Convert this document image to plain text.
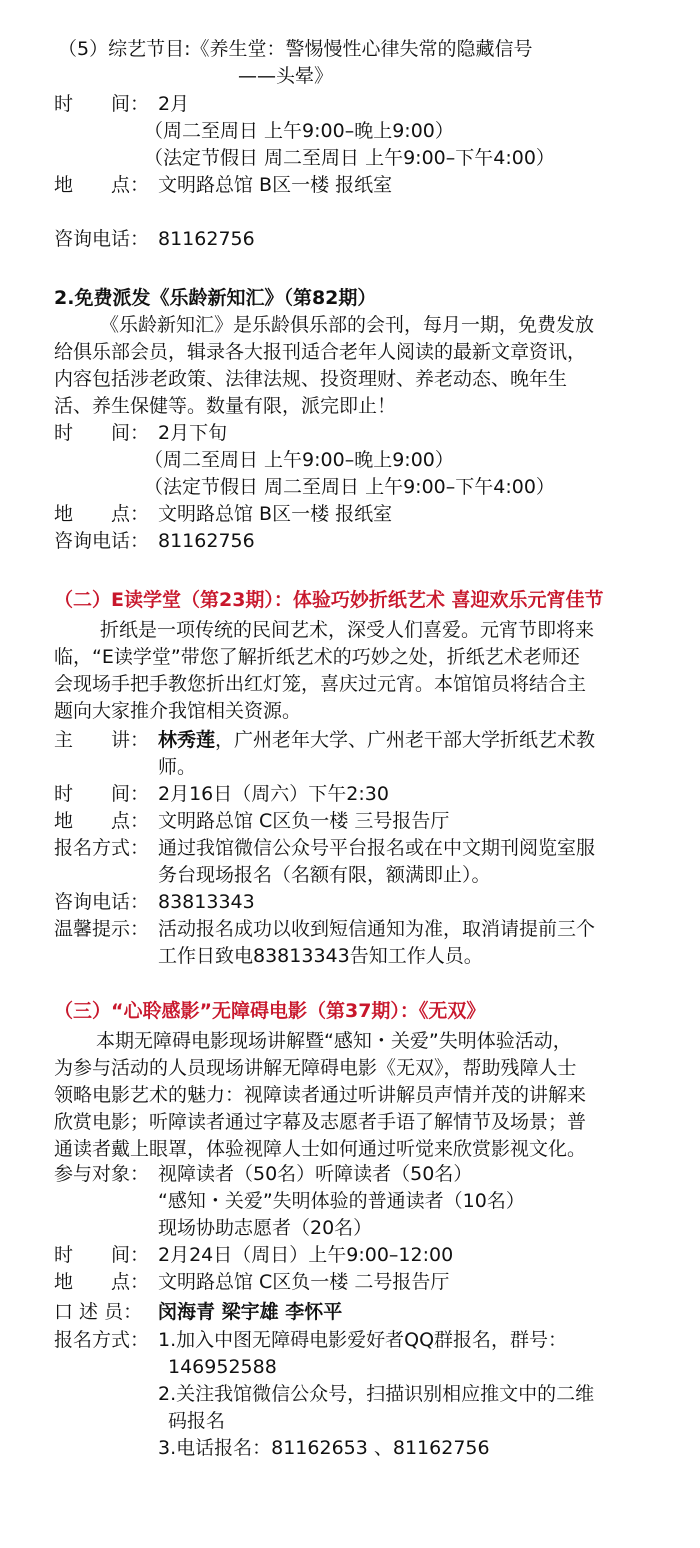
（5）综艺节目:《养生堂：警惕慢性心律失常的隐藏信号
——头晕》
时　　间： 2月
（周二至周日 上午9:00–晚上9:00）
（法定节假日 周二至周日 上午9:00–下午4:00）
地　　点： 文明路总馆 B区一楼 报纸室
咨询电话： 81162756
2.免费派发《乐龄新知汇》（第82期）
《乐龄新知汇》是乐龄俱乐部的会刊，每月一期，免费发放
给俱乐部会员，辑录各大报刊适合老年人阅读的最新文章资讯，
内容包括涉老政策、法律法规、投资理财、养老动态、晚年生
活、养生保健等。数量有限，派完即止！
时　　间： 2月下旬
（周二至周日 上午9:00–晚上9:00）
（法定节假日 周二至周日 上午9:00–下午4:00）
地　　点： 文明路总馆 B区一楼 报纸室
咨询电话： 81162756
（二）E读学堂（第23期）：体验巧妙折纸艺术 喜迎欢乐元宵佳节
折纸是一项传统的民间艺术，深受人们喜爱。元宵节即将来
临，“E读学堂”带您了解折纸艺术的巧妙之处，折纸艺术老师还
会现场手把手教您折出红灯笼，喜庆过元宵。本馆馆员将结合主
题向大家推介我馆相关资源。
主　　讲： 林秀莲，广州老年大学、广州老干部大学折纸艺术教
师。
时　　间： 2月16日（周六）下午2:30
地　　点： 文明路总馆 C区负一楼 三号报告厅
报名方式： 通过我馆微信公众号平台报名或在中文期刊阅览室服
务台现场报名（名额有限，额满即止）。
咨询电话： 83813343
温馨提示： 活动报名成功以收到短信通知为准，取消请提前三个
工作日致电83813343告知工作人员。
（三）“心聆感影”无障碍电影（第37期）：《无双》
本期无障碍电影现场讲解暨“感知・关爱”失明体验活动，
为参与活动的人员现场讲解无障碍电影《无双》，帮助残障人士
领略电影艺术的魅力：视障读者通过听讲解员声情并茂的讲解来
欣赏电影；听障读者通过字幕及志愿者手语了解情节及场景；普
通读者戴上眼罩，体验视障人士如何通过听觉来欣赏影视文化。
参与对象： 视障读者（50名）听障读者（50名）
“感知・关爱”失明体验的普通读者（10名）
现场协助志愿者（20名）
时　　间： 2月24日（周日）上午9:00–12:00
地　　点： 文明路总馆 C区负一楼 二号报告厅
口 述 员： 闵海青 梁宇雄 李怀平
报名方式： 1.加入中图无障碍电影爱好者QQ群报名，群号：
146952588
2.关注我馆微信公众号，扫描识别相应推文中的二维
码报名
3.电话报名：81162653 、81162756
